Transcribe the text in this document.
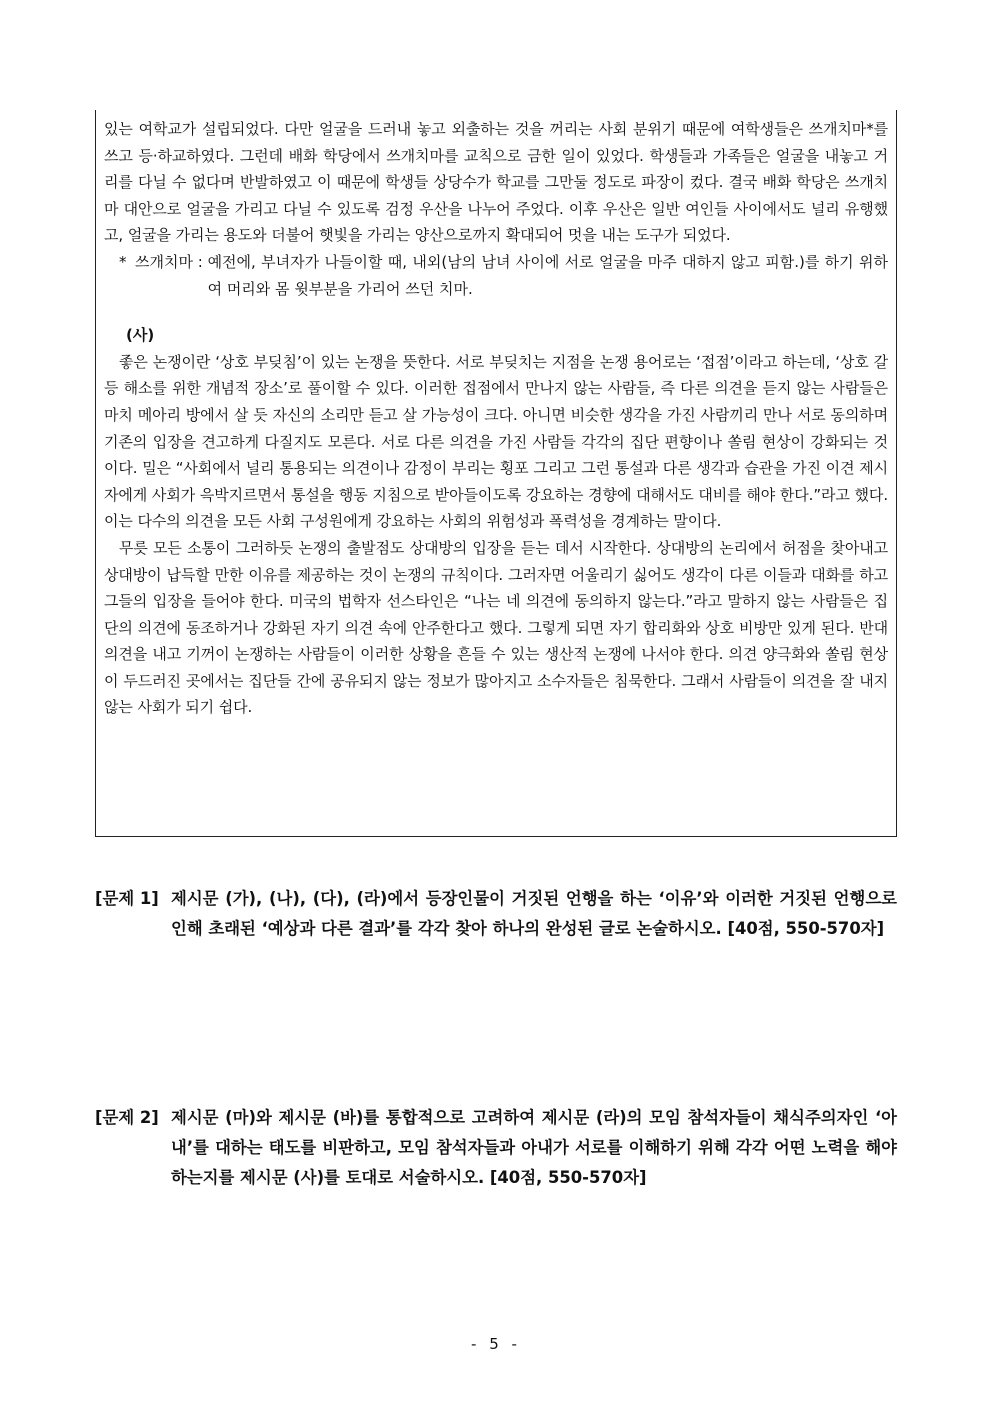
있는 여학교가 설립되었다. 다만 얼굴을 드러내 놓고 외출하는 것을 꺼리는 사회 분위기 때문에 여학생들은 쓰개치마*를 쓰고 등·하교하였다. 그런데 배화 학당에서 쓰개치마를 교칙으로 금한 일이 있었다. 학생들과 가족들은 얼굴을 내놓고 거리를 다닐 수 없다며 반발하였고 이 때문에 학생들 상당수가 학교를 그만둘 정도로 파장이 컸다. 결국 배화 학당은 쓰개치마 대안으로 얼굴을 가리고 다닐 수 있도록 검정 우산을 나누어 주었다. 이후 우산은 일반 여인들 사이에서도 널리 유행했고, 얼굴을 가리는 용도와 더불어 햇빛을 가리는 양산으로까지 확대되어 멋을 내는 도구가 되었다.

* 쓰개치마 : 예전에, 부녀자가 나들이할 때, 내외(남의 남녀 사이에 서로 얼굴을 마주 대하지 않고 피함.)를 하기 위하여 머리와 몸 윗부분을 가리어 쓰던 치마.

(사)

좋은 논쟁이란 ‘상호 부딪침’이 있는 논쟁을 뜻한다. 서로 부딪치는 지점을 논쟁 용어로는 ‘접점’이라고 하는데, ‘상호 갈등 해소를 위한 개념적 장소’로 풀이할 수 있다. 이러한 접점에서 만나지 않는 사람들, 즉 다른 의견을 듣지 않는 사람들은 마치 메아리 방에서 살 듯 자신의 소리만 듣고 살 가능성이 크다. 아니면 비슷한 생각을 가진 사람끼리 만나 서로 동의하며 기존의 입장을 견고하게 다질지도 모른다. 서로 다른 의견을 가진 사람들 각각의 집단 편향이나 쏠림 현상이 강화되는 것이다. 밀은 “사회에서 널리 통용되는 의견이나 감정이 부리는 횡포 그리고 그런 통설과 다른 생각과 습관을 가진 이견 제시자에게 사회가 윽박지르면서 통설을 행동 지침으로 받아들이도록 강요하는 경향에 대해서도 대비를 해야 한다.”라고 했다. 이는 다수의 의견을 모든 사회 구성원에게 강요하는 사회의 위험성과 폭력성을 경계하는 말이다.

무릇 모든 소통이 그러하듯 논쟁의 출발점도 상대방의 입장을 듣는 데서 시작한다. 상대방의 논리에서 허점을 찾아내고 상대방이 납득할 만한 이유를 제공하는 것이 논쟁의 규칙이다. 그러자면 어울리기 싫어도 생각이 다른 이들과 대화를 하고 그들의 입장을 들어야 한다. 미국의 법학자 선스타인은 “나는 네 의견에 동의하지 않는다.”라고 말하지 않는 사람들은 집단의 의견에 동조하거나 강화된 자기 의견 속에 안주한다고 했다. 그렇게 되면 자기 합리화와 상호 비방만 있게 된다. 반대 의견을 내고 기꺼이 논쟁하는 사람들이 이러한 상황을 흔들 수 있는 생산적 논쟁에 나서야 한다. 의견 양극화와 쏠림 현상이 두드러진 곳에서는 집단들 간에 공유되지 않는 정보가 많아지고 소수자들은 침묵한다. 그래서 사람들이 의견을 잘 내지 않는 사회가 되기 쉽다.

[문제 1] 제시문 (가), (나), (다), (라)에서 등장인물이 거짓된 언행을 하는 ‘이유’와 이러한 거짓된 언행으로 인해 초래된 ‘예상과 다른 결과’를 각각 찾아 하나의 완성된 글로 논술하시오. [40점, 550-570자]
[문제 2] 제시문 (마)와 제시문 (바)를 통합적으로 고려하여 제시문 (라)의 모임 참석자들이 채식주의자인 ‘아내’를 대하는 태도를 비판하고, 모임 참석자들과 아내가 서로를 이해하기 위해 각각 어떤 노력을 해야 하는지를 제시문 (사)를 토대로 서술하시오. [40점, 550-570자]
- 5 -
